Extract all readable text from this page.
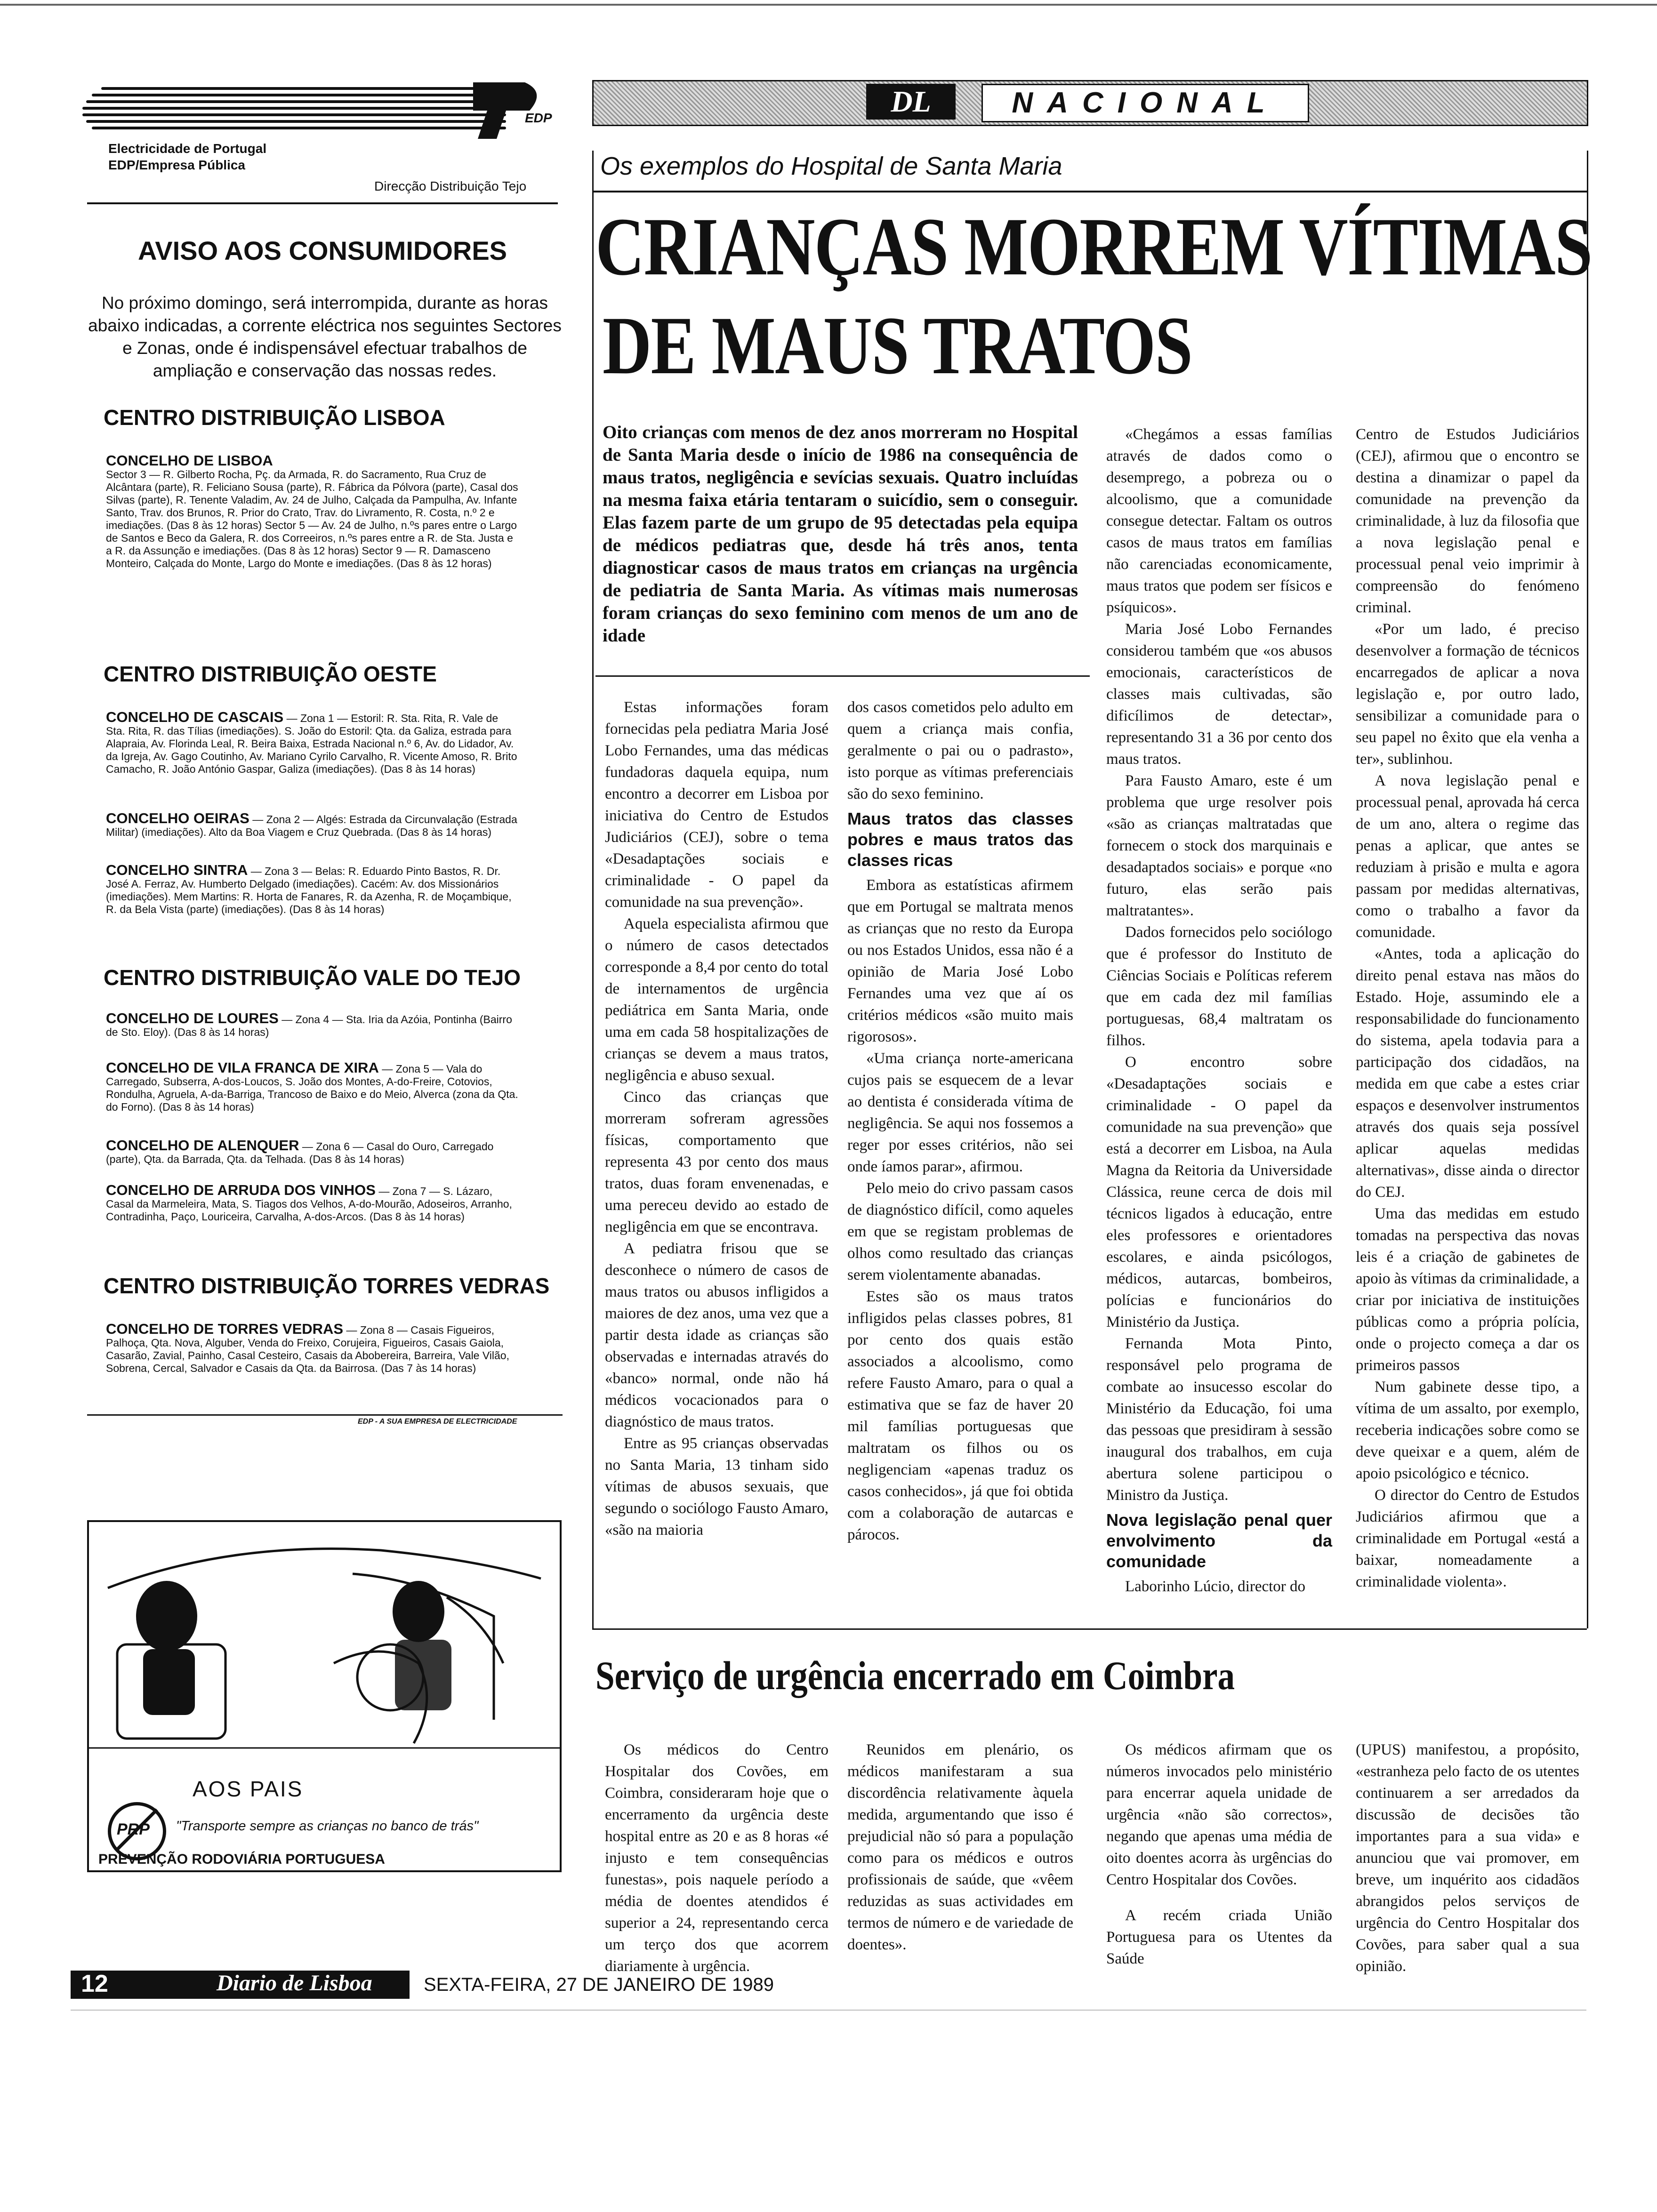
EDP
Electricidade de Portugal
EDP/Empresa Pública
Direcção Distribuição Tejo
AVISO AOS CONSUMIDORES
No próximo domingo, será interrompida, durante as horas abaixo indicadas, a corrente eléctrica nos seguintes Sectores e Zonas, onde é indispensável efectuar trabalhos de ampliação e conservação das nossas redes.
CENTRO DISTRIBUIÇÃO LISBOA
CONCELHO DE LISBOA
Sector 3 — R. Gilberto Rocha, Pç. da Armada, R. do Sacramento, Rua Cruz de Alcântara (parte), R. Feliciano Sousa (parte), R. Fábrica da Pólvora (parte), Casal dos Silvas (parte), R. Tenente Valadim, Av. 24 de Julho, Calçada da Pampulha, Av. Infante Santo, Trav. dos Brunos, R. Prior do Crato, Trav. do Livramento, R. Costa, n.º 2 e imediações. (Das 8 às 12 horas) Sector 5 — Av. 24 de Julho, n.ºs pares entre o Largo de Santos e Beco da Galera, R. dos Correeiros, n.ºs pares entre a R. de Sta. Justa e a R. da Assunção e imediações. (Das 8 às 12 horas) Sector 9 — R. Damasceno Monteiro, Calçada do Monte, Largo do Monte e imediações. (Das 8 às 12 horas)
CENTRO DISTRIBUIÇÃO OESTE
CONCELHO DE CASCAIS — Zona 1 — Estoril: R. Sta. Rita, R. Vale de Sta. Rita, R. das Tílias (imediações). S. João do Estoril: Qta. da Galiza, estrada para Alapraia, Av. Florinda Leal, R. Beira Baixa, Estrada Nacional n.º 6, Av. do Lidador, Av. da Igreja, Av. Gago Coutinho, Av. Mariano Cyrilo Carvalho, R. Vicente Amoso, R. Brito Camacho, R. João António Gaspar, Galiza (imediações). (Das 8 às 14 horas)
CONCELHO OEIRAS — Zona 2 — Algés: Estrada da Circunvalação (Estrada Militar) (imediações). Alto da Boa Viagem e Cruz Quebrada. (Das 8 às 14 horas)
CONCELHO SINTRA — Zona 3 — Belas: R. Eduardo Pinto Bastos, R. Dr. José A. Ferraz, Av. Humberto Delgado (imediações). Cacém: Av. dos Missionários (imediações). Mem Martins: R. Horta de Fanares, R. da Azenha, R. de Moçambique, R. da Bela Vista (parte) (imediações). (Das 8 às 14 horas)
CENTRO DISTRIBUIÇÃO VALE DO TEJO
CONCELHO DE LOURES — Zona 4 — Sta. Iria da Azóia, Pontinha (Bairro de Sto. Eloy). (Das 8 às 14 horas)
CONCELHO DE VILA FRANCA DE XIRA — Zona 5 — Vala do Carregado, Subserra, A-dos-Loucos, S. João dos Montes, A-do-Freire, Cotovios, Rondulha, Agruela, A-da-Barriga, Trancoso de Baixo e do Meio, Alverca (zona da Qta. do Forno). (Das 8 às 14 horas)
CONCELHO DE ALENQUER — Zona 6 — Casal do Ouro, Carregado (parte), Qta. da Barrada, Qta. da Telhada. (Das 8 às 14 horas)
CONCELHO DE ARRUDA DOS VINHOS — Zona 7 — S. Lázaro, Casal da Marmeleira, Mata, S. Tiagos dos Velhos, A-do-Mourão, Adoseiros, Arranho, Contradinha, Paço, Louriceira, Carvalha, A-dos-Arcos. (Das 8 às 14 horas)
CENTRO DISTRIBUIÇÃO TORRES VEDRAS
CONCELHO DE TORRES VEDRAS — Zona 8 — Casais Figueiros, Palhoça, Qta. Nova, Alguber, Venda do Freixo, Corujeira, Figueiros, Casais Gaiola, Casarão, Zavial, Painho, Casal Cesteiro, Casais da Abobereira, Barreira, Vale Vilão, Sobrena, Cercal, Salvador e Casais da Qta. da Bairrosa. (Das 7 às 14 horas)
EDP - A SUA EMPRESA DE ELECTRICIDADE
AOS PAIS
PRP "Transporte sempre as crianças no banco de trás"
PREVENÇÃO RODOVIÁRIA PORTUGUESA
DL	NACIONAL
Os exemplos do Hospital de Santa Maria
CRIANÇAS MORREM VÍTIMAS
DE MAUS TRATOS
Oito crianças com menos de dez anos morreram no Hospital de Santa Maria desde o início de 1986 na consequência de maus tratos, negligência e sevícias sexuais. Quatro incluídas na mesma faixa etária tentaram o suicídio, sem o conseguir. Elas fazem parte de um grupo de 95 detectadas pela equipa de médicos pediatras que, desde há três anos, tenta diagnosticar casos de maus tratos em crianças na urgência de pediatria de Santa Maria. As vítimas mais numerosas foram crianças do sexo feminino com menos de um ano de idade

Estas informações foram fornecidas pela pediatra Maria José Lobo Fernandes, uma das médicas fundadoras daquela equipa, num encontro a decorrer em Lisboa por iniciativa do Centro de Estudos Judiciários (CEJ), sobre o tema «Desadaptações sociais e criminalidade - O papel da comunidade na sua prevenção».

Aquela especialista afirmou que o número de casos detectados corresponde a 8,4 por cento do total de internamentos de urgência pediátrica em Santa Maria, onde uma em cada 58 hospitalizações de crianças se devem a maus tratos, negligência e abuso sexual.

Cinco das crianças que morreram sofreram agressões físicas, comportamento que representa 43 por cento dos maus tratos, duas foram envenenadas, e uma pereceu devido ao estado de negligência em que se encontrava.

A pediatra frisou que se desconhece o número de casos de maus tratos ou abusos infligidos a maiores de dez anos, uma vez que a partir desta idade as crianças são observadas e internadas através do «banco» normal, onde não há médicos vocacionados para o diagnóstico de maus tratos.

Entre as 95 crianças observadas no Santa Maria, 13 tinham sido vítimas de abusos sexuais, que segundo o sociólogo Fausto Amaro, «são na maioria

dos casos cometidos pelo adulto em quem a criança mais confia, geralmente o pai ou o padrasto», isto porque as vítimas preferenciais são do sexo feminino.

Maus tratos das classes pobres e maus tratos das classes ricas

Embora as estatísticas afirmem que em Portugal se maltrata menos as crianças que no resto da Europa ou nos Estados Unidos, essa não é a opinião de Maria José Lobo Fernandes uma vez que aí os critérios médicos «são muito mais rigorosos».

«Uma criança norte-americana cujos pais se esquecem de a levar ao dentista é considerada vítima de negligência. Se aqui nos fossemos a reger por esses critérios, não sei onde íamos parar», afirmou.

Pelo meio do crivo passam casos de diagnóstico difícil, como aqueles em que se registam problemas de olhos como resultado das crianças serem violentamente abanadas.

Estes são os maus tratos infligidos pelas classes pobres, 81 por cento dos quais estão associados a alcoolismo, como refere Fausto Amaro, para o qual a estimativa que se faz de haver 20 mil famílias portuguesas que maltratam os filhos ou os negligenciam «apenas traduz os casos conhecidos», já que foi obtida com a colaboração de autarcas e párocos.

«Chegámos a essas famílias através de dados como o desemprego, a pobreza ou o alcoolismo, que a comunidade consegue detectar. Faltam os outros casos de maus tratos em famílias não carenciadas economicamente, maus tratos que podem ser físicos e psíquicos».

Maria José Lobo Fernandes considerou também que «os abusos emocionais, característicos de classes mais cultivadas, são dificílimos de detectar», representando 31 a 36 por cento dos maus tratos.

Para Fausto Amaro, este é um problema que urge resolver pois «são as crianças maltratadas que fornecem o stock dos marquinais e desadaptados sociais» e porque «no futuro, elas serão pais maltratantes».

Dados fornecidos pelo sociólogo que é professor do Instituto de Ciências Sociais e Políticas referem que em cada dez mil famílias portuguesas, 68,4 maltratam os filhos.

O encontro sobre «Desadaptações sociais e criminalidade - O papel da comunidade na sua prevenção» que está a decorrer em Lisboa, na Aula Magna da Reitoria da Universidade Clássica, reune cerca de dois mil técnicos ligados à educação, entre eles professores e orientadores escolares, e ainda psicólogos, médicos, autarcas, bombeiros, polícias e funcionários do Ministério da Justiça.

Fernanda Mota Pinto, responsável pelo programa de combate ao insucesso escolar do Ministério da Educação, foi uma das pessoas que presidiram à sessão inaugural dos trabalhos, em cuja abertura solene participou o Ministro da Justiça.

Nova legislação penal quer envolvimento da comunidade

Laborinho Lúcio, director do

Centro de Estudos Judiciários (CEJ), afirmou que o encontro se destina a dinamizar o papel da comunidade na prevenção da criminalidade, à luz da filosofia que a nova legislação penal e processual penal veio imprimir à compreensão do fenómeno criminal.

«Por um lado, é preciso desenvolver a formação de técnicos encarregados de aplicar a nova legislação e, por outro lado, sensibilizar a comunidade para o seu papel no êxito que ela venha a ter», sublinhou.

A nova legislação penal e processual penal, aprovada há cerca de um ano, altera o regime das penas a aplicar, que antes se reduziam à prisão e multa e agora passam por medidas alternativas, como o trabalho a favor da comunidade.

«Antes, toda a aplicação do direito penal estava nas mãos do Estado. Hoje, assumindo ele a responsabilidade do funcionamento do sistema, apela todavia para a participação dos cidadãos, na medida em que cabe a estes criar espaços e desenvolver instrumentos através dos quais seja possível aplicar aquelas medidas alternativas», disse ainda o director do CEJ.

Uma das medidas em estudo tomadas na perspectiva das novas leis é a criação de gabinetes de apoio às vítimas da criminalidade, a criar por iniciativa de instituições públicas como a própria polícia, onde o projecto começa a dar os primeiros passos

Num gabinete desse tipo, a vítima de um assalto, por exemplo, receberia indicações sobre como se deve queixar e a quem, além de apoio psicológico e técnico.

O director do Centro de Estudos Judiciários afirmou que a criminalidade em Portugal «está a baixar, nomeadamente a criminalidade violenta».

Serviço de urgência encerrado em Coimbra

Os médicos do Centro Hospitalar dos Covões, em Coimbra, consideraram hoje que o encerramento da urgência deste hospital entre as 20 e as 8 horas «é injusto e tem consequências funestas», pois naquele período a média de doentes atendidos é superior a 24, representando cerca um terço dos que acorrem diariamente à urgência.

Reunidos em plenário, os médicos manifestaram a sua discordência relativamente àquela medida, argumentando que isso é prejudicial não só para a população como para os médicos e outros profissionais de saúde, que «vêem reduzidas as suas actividades em termos de número e de variedade de doentes».

Os médicos afirmam que os números invocados pelo ministério para encerrar aquela unidade de urgência «não são correctos», negando que apenas uma média de oito doentes acorra às urgências do Centro Hospitalar dos Covões.

A recém criada União Portuguesa para os Utentes da Saúde

(UPUS) manifestou, a propósito, «estranheza pelo facto de os utentes continuarem a ser arredados da discussão de decisões tão importantes para a sua vida» e anunciou que vai promover, em breve, um inquérito aos cidadãos abrangidos pelos serviços de urgência do Centro Hospitalar dos Covões, para saber qual a sua opinião.

12	Diario de Lisboa	SEXTA-FEIRA, 27 DE JANEIRO DE 1989
